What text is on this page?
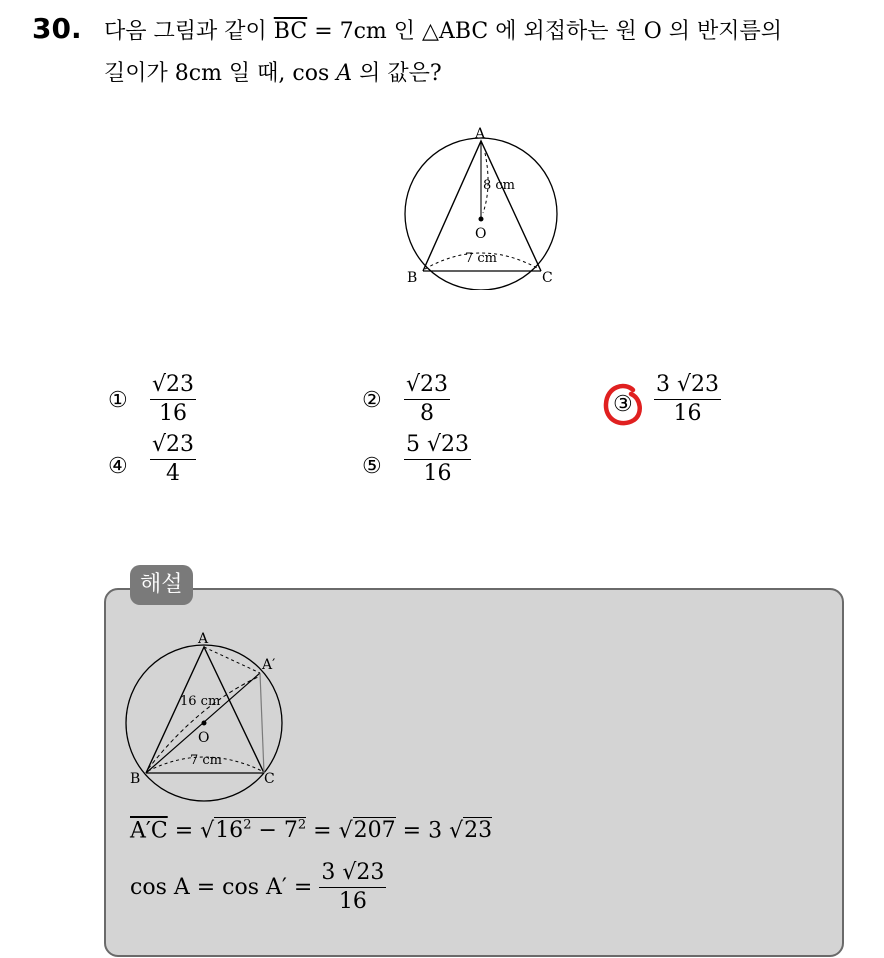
30. 다음 그림과 같이 $\overline{BC} = 7cm$ 인 △ABC 에 외접하는 원 O 의 반지름의
길이가 8cm 일 때, cos A 의 값은?
A
B	C
O
8 cm
7 cm
① $\frac{√23}{16}$	② $\frac{√23}{8}$	③ $\frac{3 √23}{16}$
④ $\frac{√23}{4}$	⑤ $\frac{5 √23}{16}$
해설
A
A′
B	C
O
16 cm
7 cm
$A'C = √16^2 - 7^2 = √207 = 3$ √23
$\cos A = \cos A' = \frac{3 √23}{16}$
